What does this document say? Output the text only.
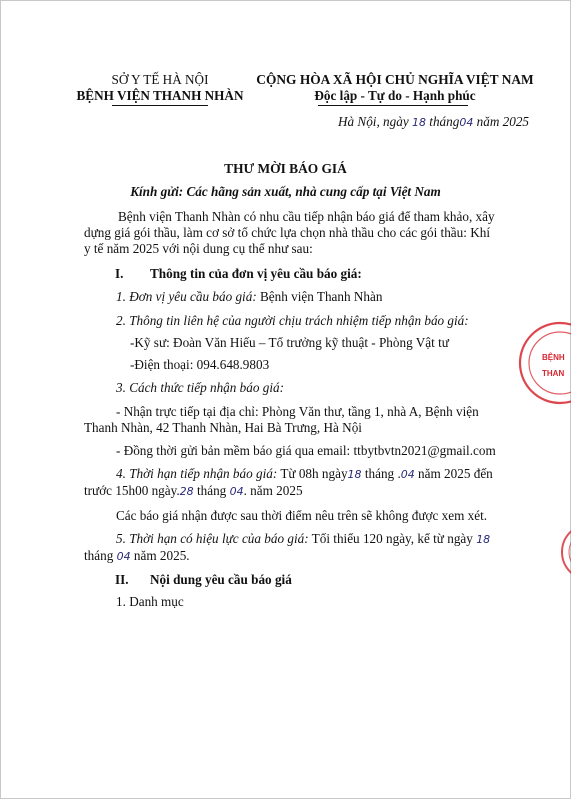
SỞ Y TẾ HÀ NỘI
BỆNH VIỆN THANH NHÀN
CỘNG HÒA XÃ HỘI CHỦ NGHĨA VIỆT NAM
Độc lập - Tự do - Hạnh phúc
Hà Nội, ngày 18 tháng04 năm 2025
THƯ MỜI BÁO GIÁ
Kính gửi: Các hãng sản xuất, nhà cung cấp tại Việt Nam
Bệnh viện Thanh Nhàn có nhu cầu tiếp nhận báo giá để tham khảo, xây
dựng giá gói thầu, làm cơ sở tổ chức lựa chọn nhà thầu cho các gói thầu: Khí
y tế năm 2025 với nội dung cụ thể như sau:
I. Thông tin của đơn vị yêu cầu báo giá:
1. Đơn vị yêu cầu báo giá: Bệnh viện Thanh Nhàn
2. Thông tin liên hệ của người chịu trách nhiệm tiếp nhận báo giá:
-Kỹ sư: Đoàn Văn Hiếu – Tổ trưởng kỹ thuật - Phòng Vật tư
-Điện thoại: 094.648.9803
3. Cách thức tiếp nhận báo giá:
- Nhận trực tiếp tại địa chỉ: Phòng Văn thư, tầng 1, nhà A, Bệnh viện
Thanh Nhàn, 42 Thanh Nhàn, Hai Bà Trưng, Hà Nội
- Đồng thời gửi bản mềm báo giá qua email: ttbytbvtn2021@gmail.com
4. Thời hạn tiếp nhận báo giá: Từ 08h ngày18 tháng .04 năm 2025 đến
trước 15h00 ngày.28 tháng 04. năm 2025
Các báo giá nhận được sau thời điểm nêu trên sẽ không được xem xét.
5. Thời hạn có hiệu lực của báo giá: Tối thiểu 120 ngày, kể từ ngày 18
tháng 04 năm 2025.
II. Nội dung yêu cầu báo giá
1. Danh mục
BỆNH
THAN
